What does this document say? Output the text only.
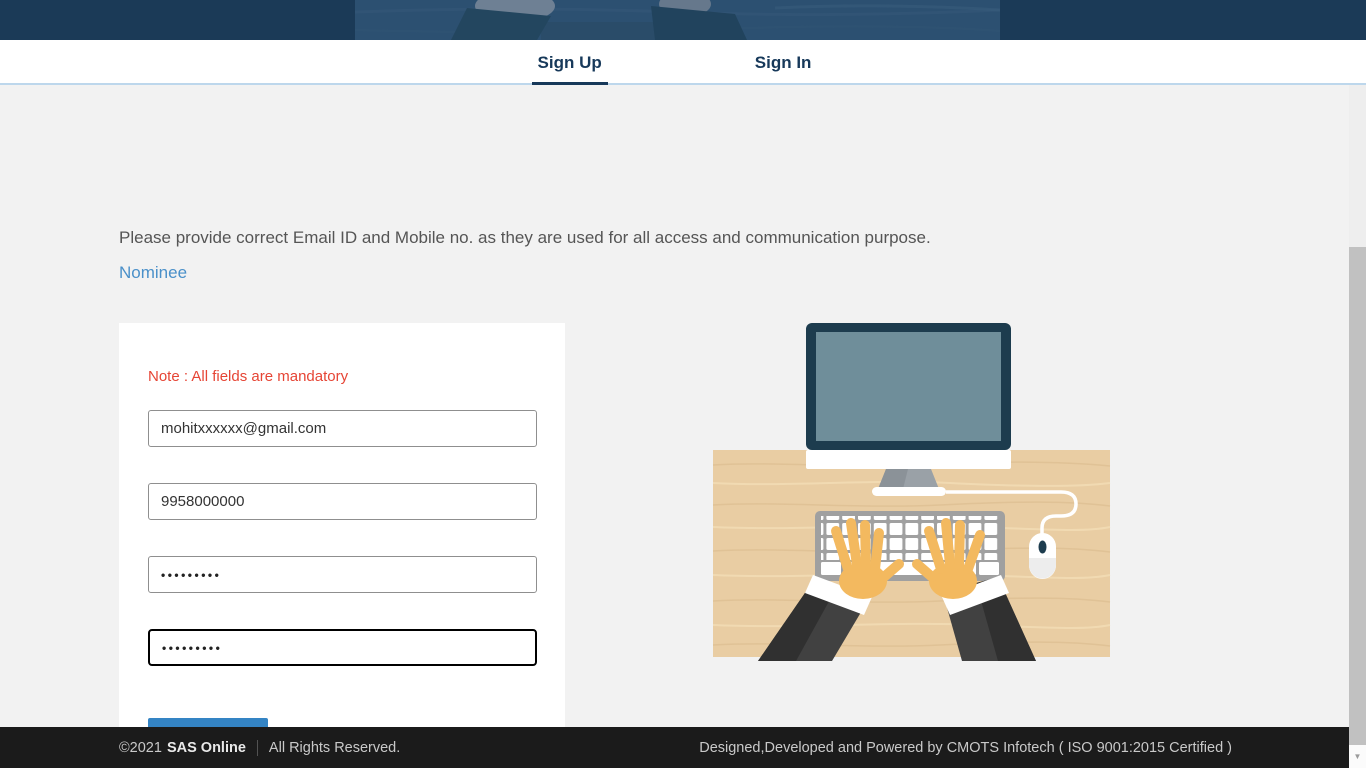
Sign Up	Sign In
Please provide correct Email ID and Mobile no. as they are used for all access and communication purpose.
Nominee
Note : All fields are mandatory
mohitxxxxxx@gmail.com
9958000000
•••••••••
•••••••••
©2021 SAS Online All Rights Reserved.	Designed,Developed and Powered by CMOTS Infotech ( ISO 9001:2015 Certified )
▼
